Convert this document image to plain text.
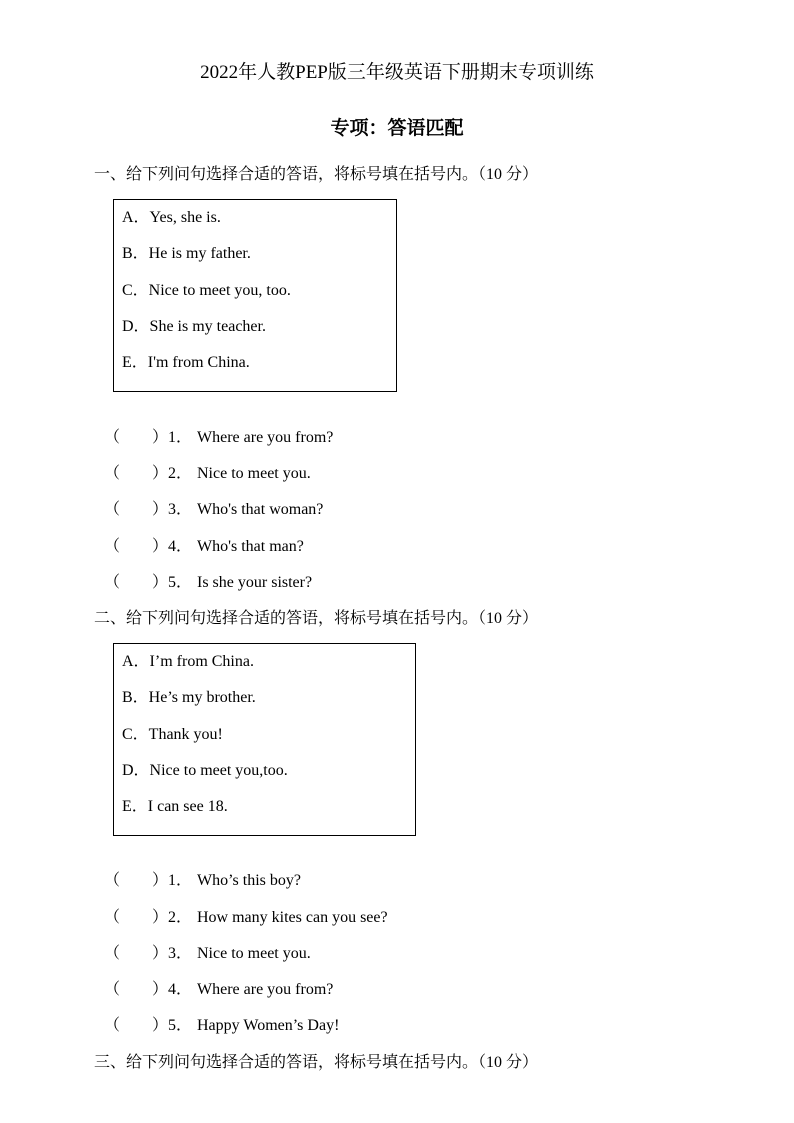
2022年人教PEP版三年级英语下册期末专项训练
专项：答语匹配
一、给下列问句选择合适的答语，将标号填在括号内。（10 分）
A．Yes, she is.
B．He is my father.
C．Nice to meet you, too.
D．She is my teacher.
E．I'm from China.
（ ） 1． Where are you from?
（ ） 2． Nice to meet you.
（ ） 3． Who's that woman?
（ ） 4． Who's that man?
（ ） 5． Is she your sister?
二、给下列问句选择合适的答语，将标号填在括号内。（10 分）
A．I’m from China.
B．He’s my brother.
C．Thank you!
D．Nice to meet you,too.
E．I can see 18.
（ ） 1． Who’s this boy?
（ ） 2． How many kites can you see?
（ ） 3． Nice to meet you.
（ ） 4． Where are you from?
（ ） 5． Happy Women’s Day!
三、给下列问句选择合适的答语，将标号填在括号内。（10 分）
